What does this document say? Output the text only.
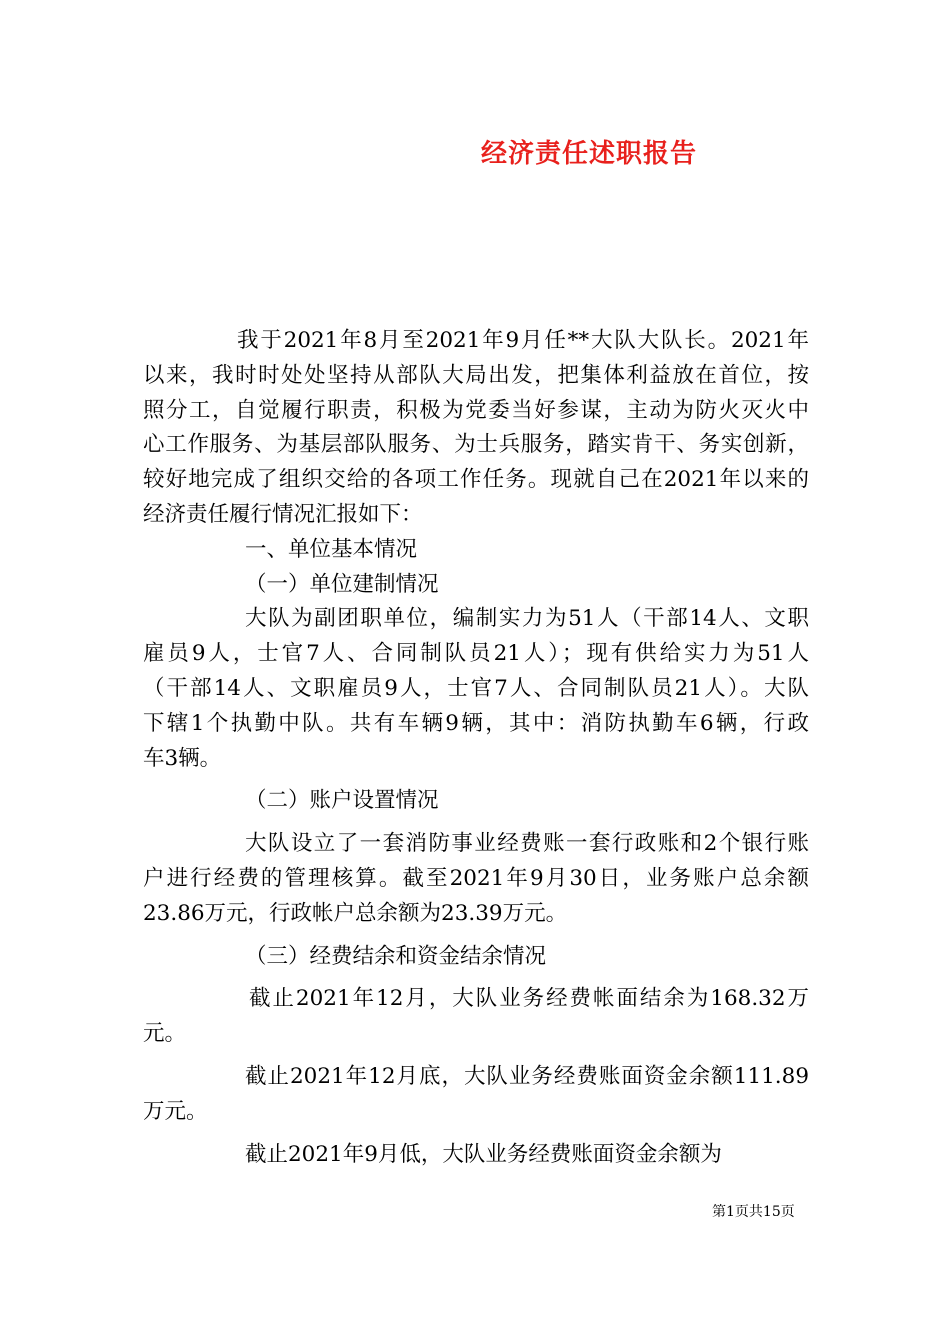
经济责任述职报告
我于2021年8月至2021年9月任**大队大队长。2021年
以来，我时时处处坚持从部队大局出发，把集体利益放在首位，按
照分工，自觉履行职责，积极为党委当好参谋，主动为防火灭火中
心工作服务、为基层部队服务、为士兵服务，踏实肯干、务实创新，
较好地完成了组织交给的各项工作任务。现就自己在2021年以来的
经济责任履行情况汇报如下：
一、单位基本情况
（一）单位建制情况
大队为副团职单位，编制实力为51人（干部14人、文职
雇员9人，士官7人、合同制队员21人）；现有供给实力为51人
（干部14人、文职雇员9人，士官7人、合同制队员21人）。大队
下辖1个执勤中队。共有车辆9辆，其中：消防执勤车6辆，行政
车3辆。
（二）账户设置情况
大队设立了一套消防事业经费账一套行政账和2个银行账
户进行经费的管理核算。截至2021年9月30日，业务账户总余额
23.86万元，行政帐户总余额为23.39万元。
（三）经费结余和资金结余情况
截止2021年12月，大队业务经费帐面结余为168.32万
元。
截止2021年12月底，大队业务经费账面资金余额111.89
万元。
截止2021年9月低，大队业务经费账面资金余额为
第1页共15页
